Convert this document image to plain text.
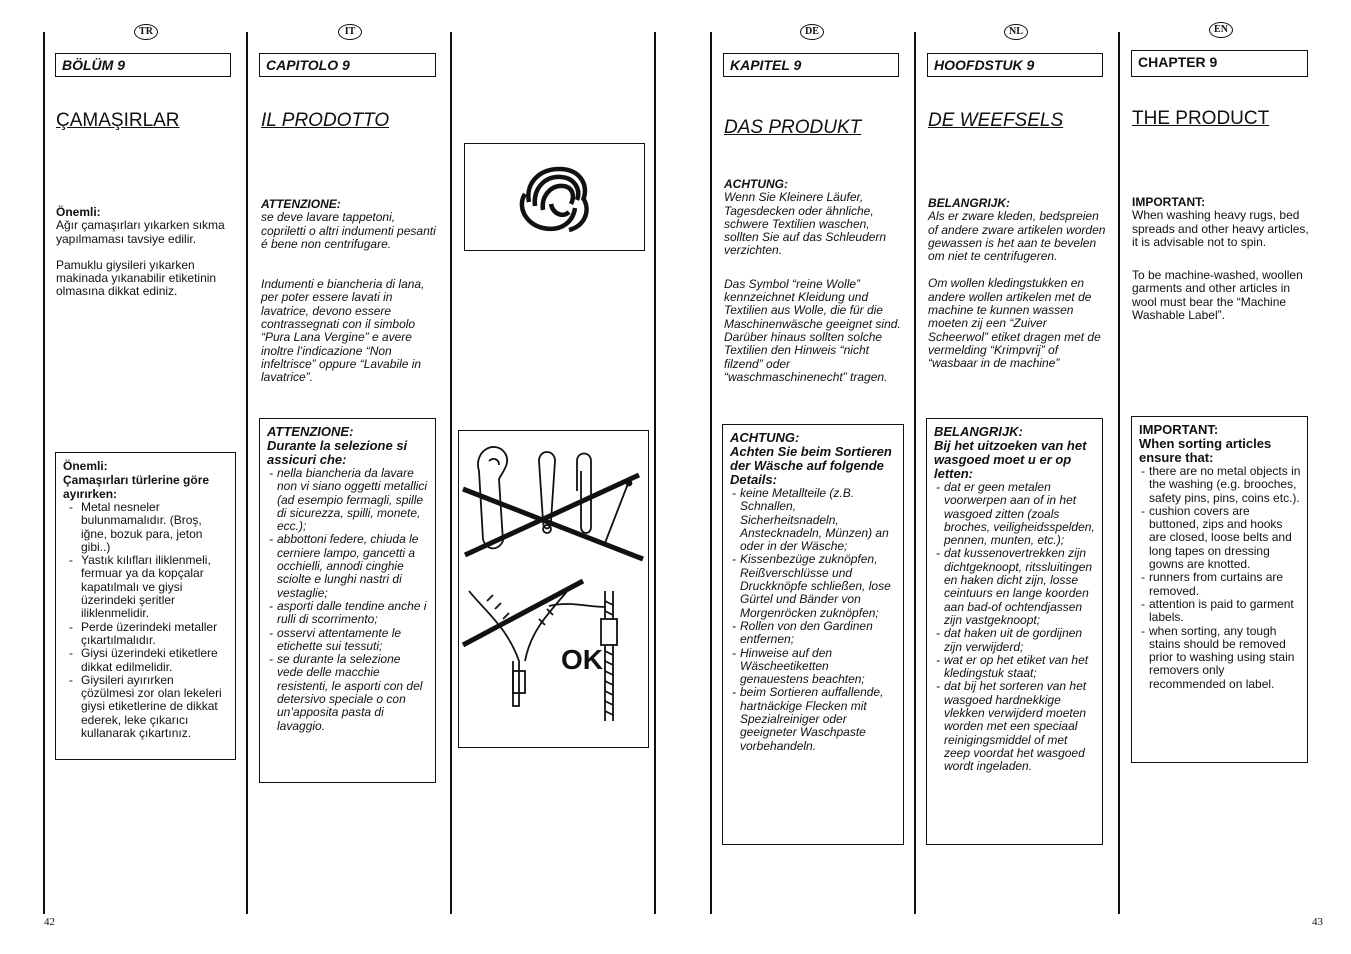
TR	IT	DE	NL	EN
BÖLÜM 9
ÇAMAŞIRLAR

Önemli:

Ağır çamaşırları yıkarken sıkma yapılmaması tavsiye edilir.

Pamuklu giysileri yıkarken makinada yıkanabilir etiketinin olmasına dikkat ediniz.

Önemli:
Çamaşırları türlerine göre ayırırken:
- Metal nesneler bulunmamalıdır. (Broş, iğne, bozuk para, jeton gibi..)
- Yastık kılıfları iliklenmeli, fermuar ya da kopçalar kapatılmalı ve giysi üzerindeki şeritler iliklenmelidir.
- Perde üzerindeki metaller çıkartılmalıdır.
- Giysi üzerindeki etiketlere dikkat edilmelidir.
- Giysileri ayırırken çözülmesi zor olan lekeleri giysi etiketlerine de dikkat ederek, leke çıkarıcı kullanarak çıkartınız.
CAPITOLO 9
IL PRODOTTO

ATTENZIONE:

se deve lavare tappetoni, copriletti o altri indumenti pesanti é bene non centrifugare.

Indumenti e biancheria di lana, per poter essere lavati in lavatrice, devono essere contrassegnati con il simbolo “Pura Lana Vergine” e avere inoltre l’indicazione “Non infeltrisce” oppure “Lavabile in lavatrice”.

ATTENZIONE:
Durante la selezione si assicuri che:
- nella biancheria da lavare non vi siano oggetti metallici (ad esempio fermagli, spille di sicurezza, spilli, monete, ecc.);
- abbottoni federe, chiuda le cerniere lampo, gancetti a occhielli, annodi cinghie sciolte e lunghi nastri di vestaglie;
- asporti dalle tendine anche i rulli di scorrimento;
- osservi attentamente le etichette sui tessuti;
- se durante la selezione vede delle macchie resistenti, le asporti con del detersivo speciale o con un’apposita pasta di lavaggio.
OK
KAPITEL 9
DAS PRODUKT

ACHTUNG:

Wenn Sie Kleinere Läufer, Tagesdecken oder ähnliche, schwere Textilien waschen, sollten Sie auf das Schleudern verzichten.

Das Symbol “reine Wolle” kennzeichnet Kleidung und Textilien aus Wolle, die für die Maschinenwäsche geeignet sind. Darüber hinaus sollten solche Textilien den Hinweis “nicht filzend” oder “waschmaschinenecht” tragen.

ACHTUNG:
Achten Sie beim Sortieren der Wäsche auf folgende Details:
- keine Metallteile (z.B. Schnallen, Sicherheitsnadeln, Anstecknadeln, Münzen) an oder in der Wäsche;
- Kissenbezüge zuknöpfen, Reißverschlüsse und Druckknöpfe schließen, lose Gürtel und Bänder von Morgenröcken zuknöpfen;
- Rollen von den Gardinen entfernen;
- Hinweise auf den Wäscheetiketten genauestens beachten;
- beim Sortieren auffallende, hartnäckige Flecken mit Spezialreiniger oder geeigneter Waschpaste vorbehandeln.
HOOFDSTUK 9
DE WEEFSELS

BELANGRIJK:

Als er zware kleden, bedspreien of andere zware artikelen worden gewassen is het aan te bevelen om niet te centrifugeren.

Om wollen kledingstukken en andere wollen artikelen met de machine te kunnen wassen moeten zij een “Zuiver Scheerwol” etiket dragen met de vermelding “Krimpvrij” of “wasbaar in de machine”

BELANGRIJK:
Bij het uitzoeken van het wasgoed moet u er op letten:
- dat er geen metalen voorwerpen aan of in het wasgoed zitten (zoals broches, veiligheidsspelden, pennen, munten, etc.);
- dat kussenovertrekken zijn dichtgeknoopt, ritssluitingen en haken dicht zijn, losse ceintuurs en lange koorden aan bad-of ochtendjassen zijn vastgeknoopt;
- dat haken uit de gordijnen zijn verwijderd;
- wat er op het etiket van het kledingstuk staat;
- dat bij het sorteren van het wasgoed hardnekkige vlekken verwijderd moeten worden met een speciaal reinigingsmiddel of met zeep voordat het wasgoed wordt ingeladen.
CHAPTER 9
THE PRODUCT

IMPORTANT:

When washing heavy rugs, bed spreads and other heavy articles, it is advisable not to spin.

To be machine-washed, woollen garments and other articles in wool must bear the “Machine Washable Label”.

IMPORTANT:
When sorting articles ensure that:
- there are no metal objects in the washing (e.g. brooches, safety pins, pins, coins etc.).
- cushion covers are buttoned, zips and hooks are closed, loose belts and long tapes on dressing gowns are knotted.
- runners from curtains are removed.
- attention is paid to garment labels.
- when sorting, any tough stains should be removed prior to washing using stain removers only recommended on label.
42	43
